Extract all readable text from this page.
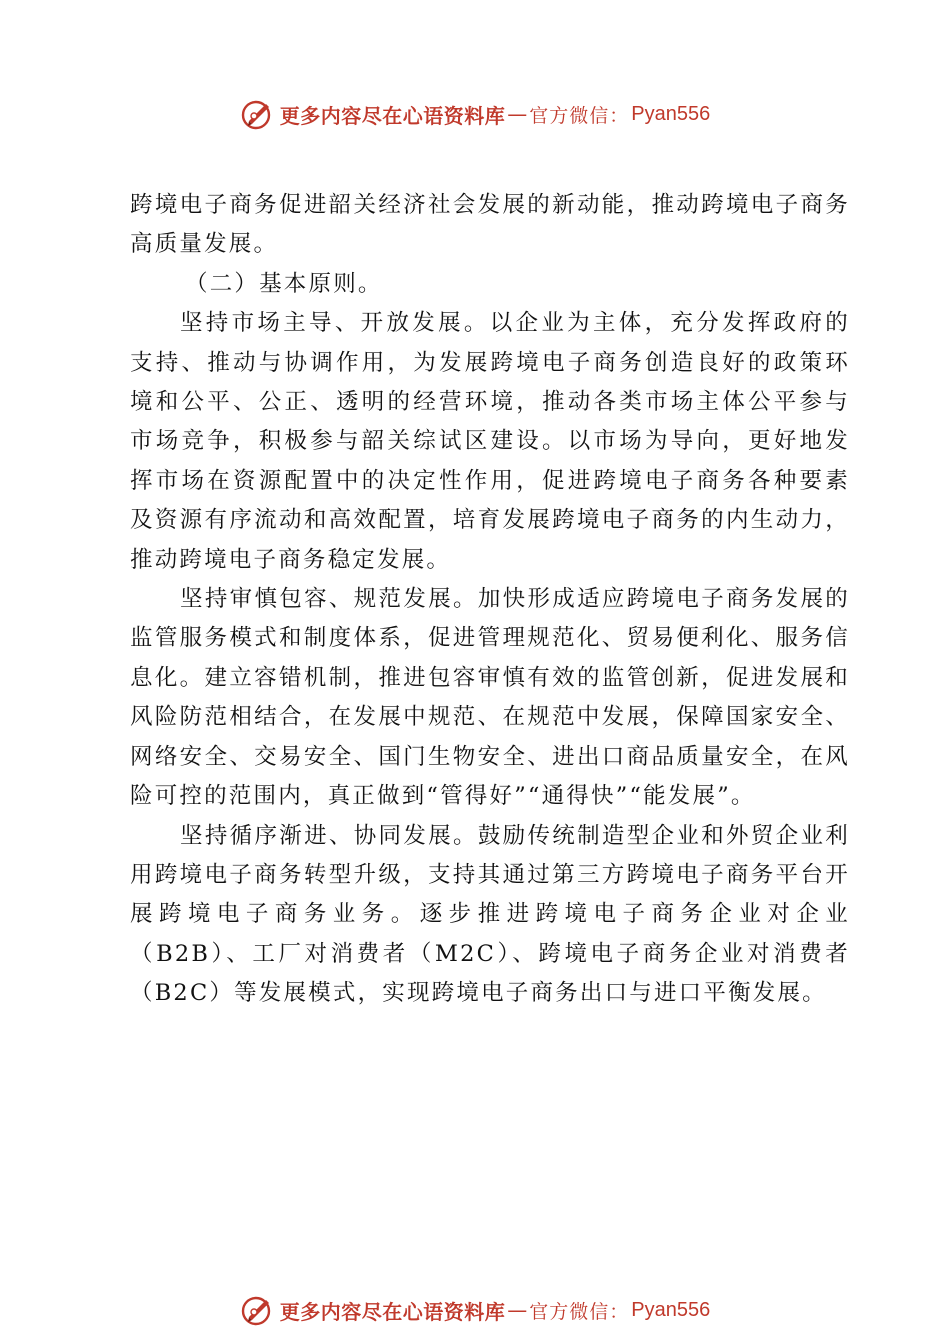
更多内容尽在心语资料库 — 官方微信： Pyan556

跨境电子商务促进韶关经济社会发展的新动能，推动跨境电子商务高质量发展。

（二）基本原则。

坚持市场主导、开放发展。以企业为主体，充分发挥政府的 支持、推动与协调作用，为发展跨境电子商务创造良好的政策环 境和公平、公正、透明的经营环境，推动各类市场主体公平参与 市场竞争，积极参与韶关综试区建设。以市场为导向，更好地发 挥市场在资源配置中的决定性作用，促进跨境电子商务各种要素 及资源有序流动和高效配置，培育发展跨境电子商务的内生动力， 推动跨境电子商务稳定发展。

坚持审慎包容、规范发展。加快形成适应跨境电子商务发展的监管服务模式和制度体系，促进管理规范化、贸易便利化、服务信息化。建立容错机制，推进包容审慎有效的监管创新，促进发展和风险防范相结合，在发展中规范、在规范中发展，保障国家安全、网络安全、交易安全、国门生物安全、进出口商品质量安全，在风险可控的范围内，真正做到“管得好”“通得快”“能发展”。

坚持循序渐进、协同发展。鼓励传统制造型企业和外贸企业利用跨境电子商务转型升级，支持其通过第三方跨境电子商务平台开展跨境电子商务业务。逐步推进跨境电子商务企业对企业（B2B）、工厂对消费者（M2C）、跨境电子商务企业对消费者（B2C）等发展模式，实现跨境电子商务出口与进口平衡发展。

更多内容尽在心语资料库 — 官方微信： Pyan556
